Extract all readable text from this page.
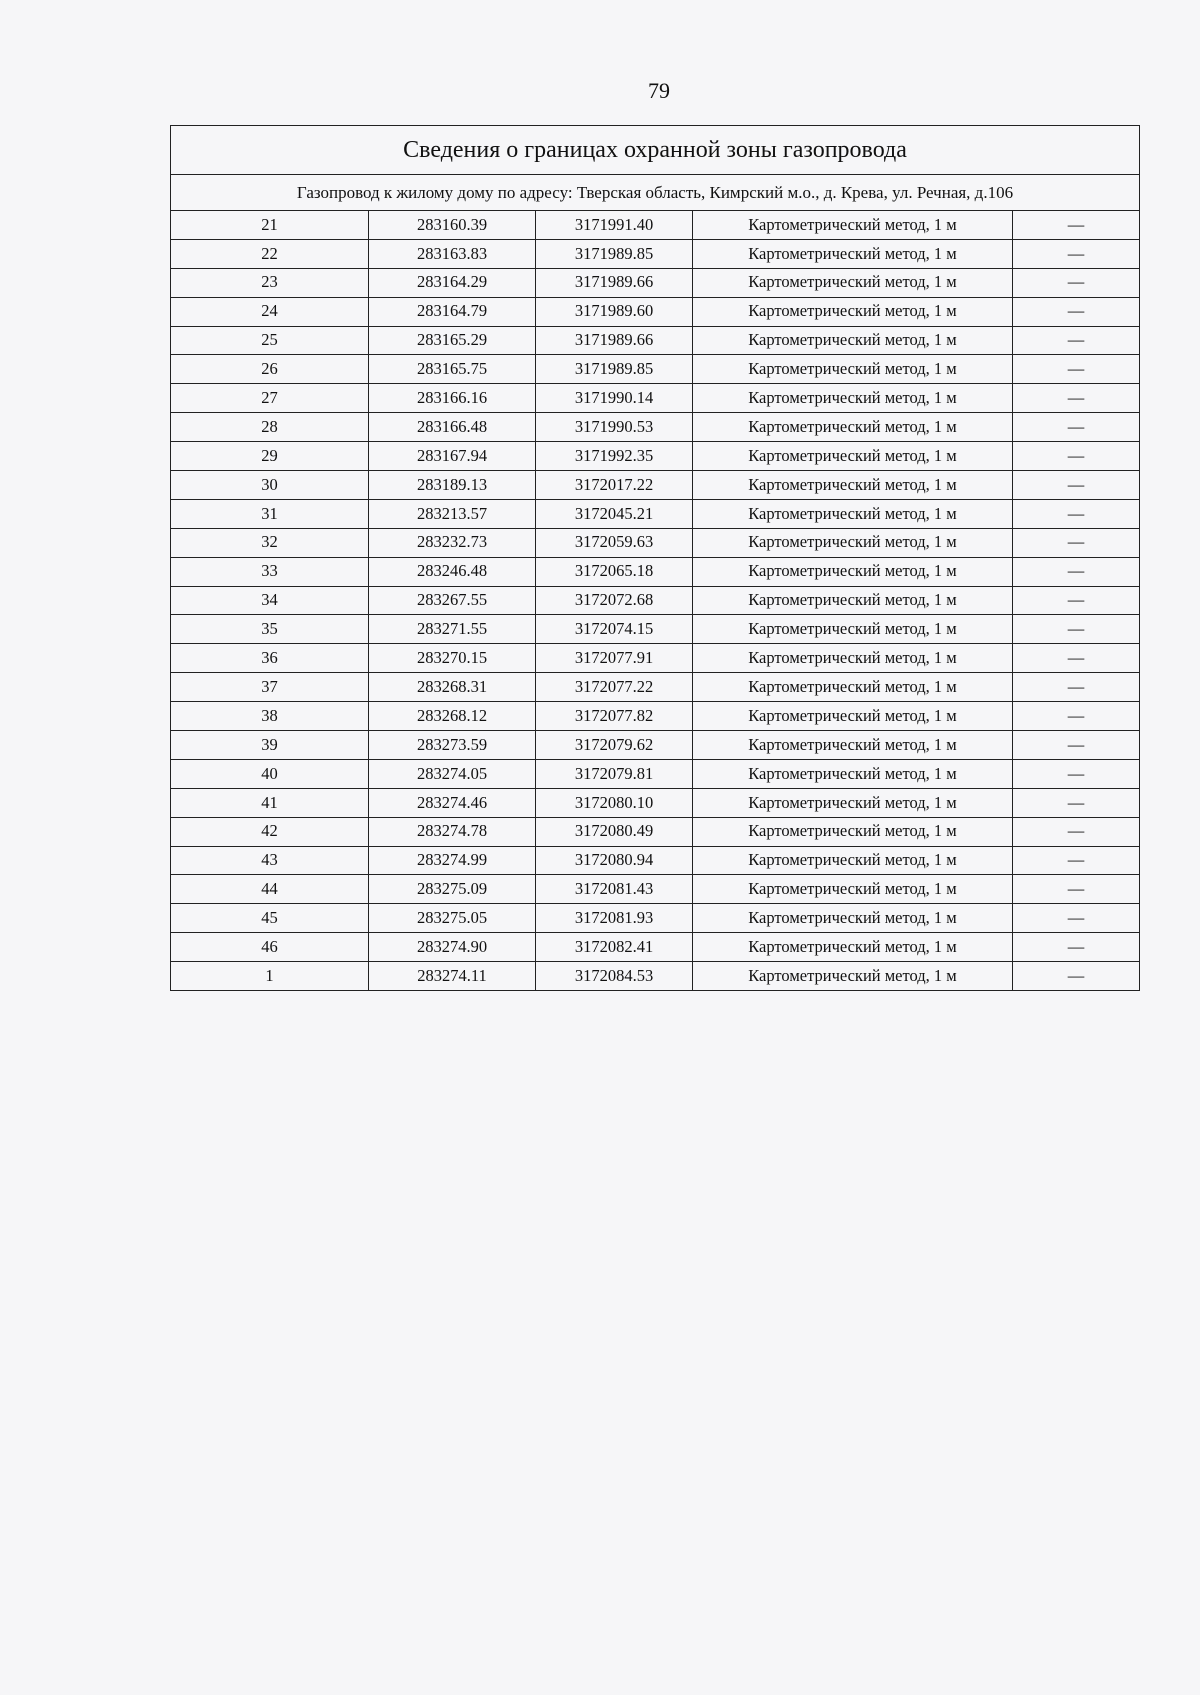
79
Сведения о границах охранной зоны газопровода				
Газопровод к жилому дому по адресу: Тверская область, Кимрский м.о., д. Крева, ул. Речная, д.106				
21	283160.39	3171991.40	Картометрический метод, 1 м	—
22	283163.83	3171989.85	Картометрический метод, 1 м	—
23	283164.29	3171989.66	Картометрический метод, 1 м	—
24	283164.79	3171989.60	Картометрический метод, 1 м	—
25	283165.29	3171989.66	Картометрический метод, 1 м	—
26	283165.75	3171989.85	Картометрический метод, 1 м	—
27	283166.16	3171990.14	Картометрический метод, 1 м	—
28	283166.48	3171990.53	Картометрический метод, 1 м	—
29	283167.94	3171992.35	Картометрический метод, 1 м	—
30	283189.13	3172017.22	Картометрический метод, 1 м	—
31	283213.57	3172045.21	Картометрический метод, 1 м	—
32	283232.73	3172059.63	Картометрический метод, 1 м	—
33	283246.48	3172065.18	Картометрический метод, 1 м	—
34	283267.55	3172072.68	Картометрический метод, 1 м	—
35	283271.55	3172074.15	Картометрический метод, 1 м	—
36	283270.15	3172077.91	Картометрический метод, 1 м	—
37	283268.31	3172077.22	Картометрический метод, 1 м	—
38	283268.12	3172077.82	Картометрический метод, 1 м	—
39	283273.59	3172079.62	Картометрический метод, 1 м	—
40	283274.05	3172079.81	Картометрический метод, 1 м	—
41	283274.46	3172080.10	Картометрический метод, 1 м	—
42	283274.78	3172080.49	Картометрический метод, 1 м	—
43	283274.99	3172080.94	Картометрический метод, 1 м	—
44	283275.09	3172081.43	Картометрический метод, 1 м	—
45	283275.05	3172081.93	Картометрический метод, 1 м	—
46	283274.90	3172082.41	Картометрический метод, 1 м	—
1	283274.11	3172084.53	Картометрический метод, 1 м	—
